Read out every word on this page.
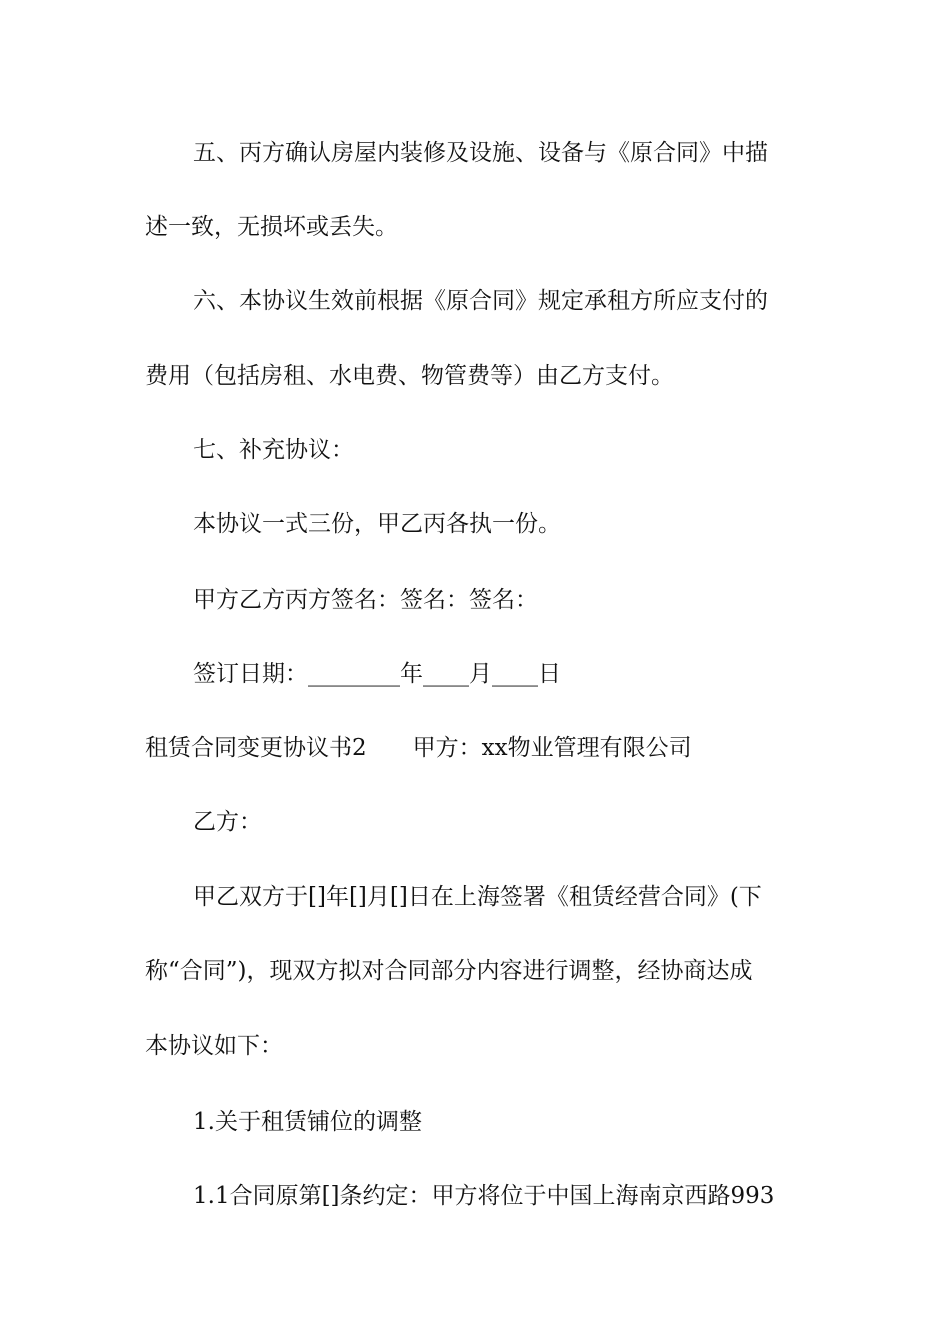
五、丙方确认房屋内装修及设施、设备与《原合同》中描
述一致，无损坏或丢失。
六、本协议生效前根据《原合同》规定承租方所应支付的
费用（包括房租、水电费、物管费等）由乙方支付。
七、补充协议：
本协议一式三份，甲乙丙各执一份。
甲方乙方丙方签名：签名：签名：
签订日期：________年____月____日
租赁合同变更协议书2　　甲方：xx物业管理有限公司
乙方：
甲乙双方于[]年[]月[]日在上海签署《租赁经营合同》(下
称“合同”)，现双方拟对合同部分内容进行调整，经协商达成
本协议如下：
1.关于租赁铺位的调整
1.1合同原第[]条约定：甲方将位于中国上海南京西路993
